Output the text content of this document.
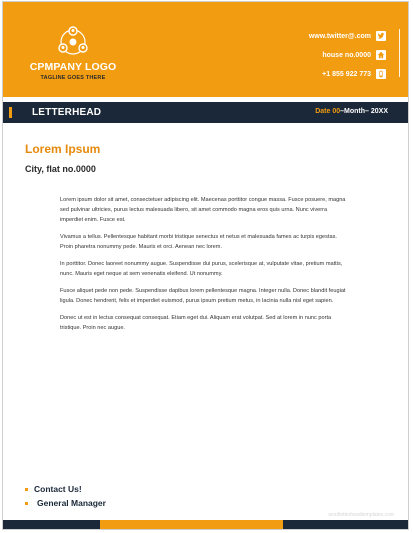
CPMPANY LOGO
TAGLINE GOES THERE
www.twitter@.com
house no.0000
+1 855 922 773
LETTERHEAD	Date 00–Month– 20XX
Lorem Ipsum
City, flat no.0000

Lorem ipsum dolor sit amet, consectetuer adipiscing elit. Maecenas porttitor congue massa. Fusce posuere, magna sed pulvinar ultricies, purus lectus malesuada libero, sit amet commodo magna eros quis urna. Nunc viverra imperdiet enim. Fusce est.

Vivamus a tellus. Pellentesque habitant morbi tristique senectus et netus et malesuada fames ac turpis egestas. Proin pharetra nonummy pede. Mauris et orci. Aenean nec lorem.

In porttitor. Donec laoreet nonummy augue. Suspendisse dui purus, scelerisque at, vulputate vitae, pretium mattis, nunc. Mauris eget neque at sem venenatis eleifend. Ut nonummy.

Fusce aliquet pede non pede. Suspendisse dapibus lorem pellentesque magna. Integer nulla. Donec blandit feugiat ligula. Donec hendrerit, felis et imperdiet euismod, purus ipsum pretium metus, in lacinia nulla nisl eget sapien.

Donec ut est in lectus consequat consequat. Etiam eget dui. Aliquam erat volutpat. Sed at lorem in nunc porta tristique. Proin nec augue.

Contact Us!
General Manager
wordletterheadtemplates.com
